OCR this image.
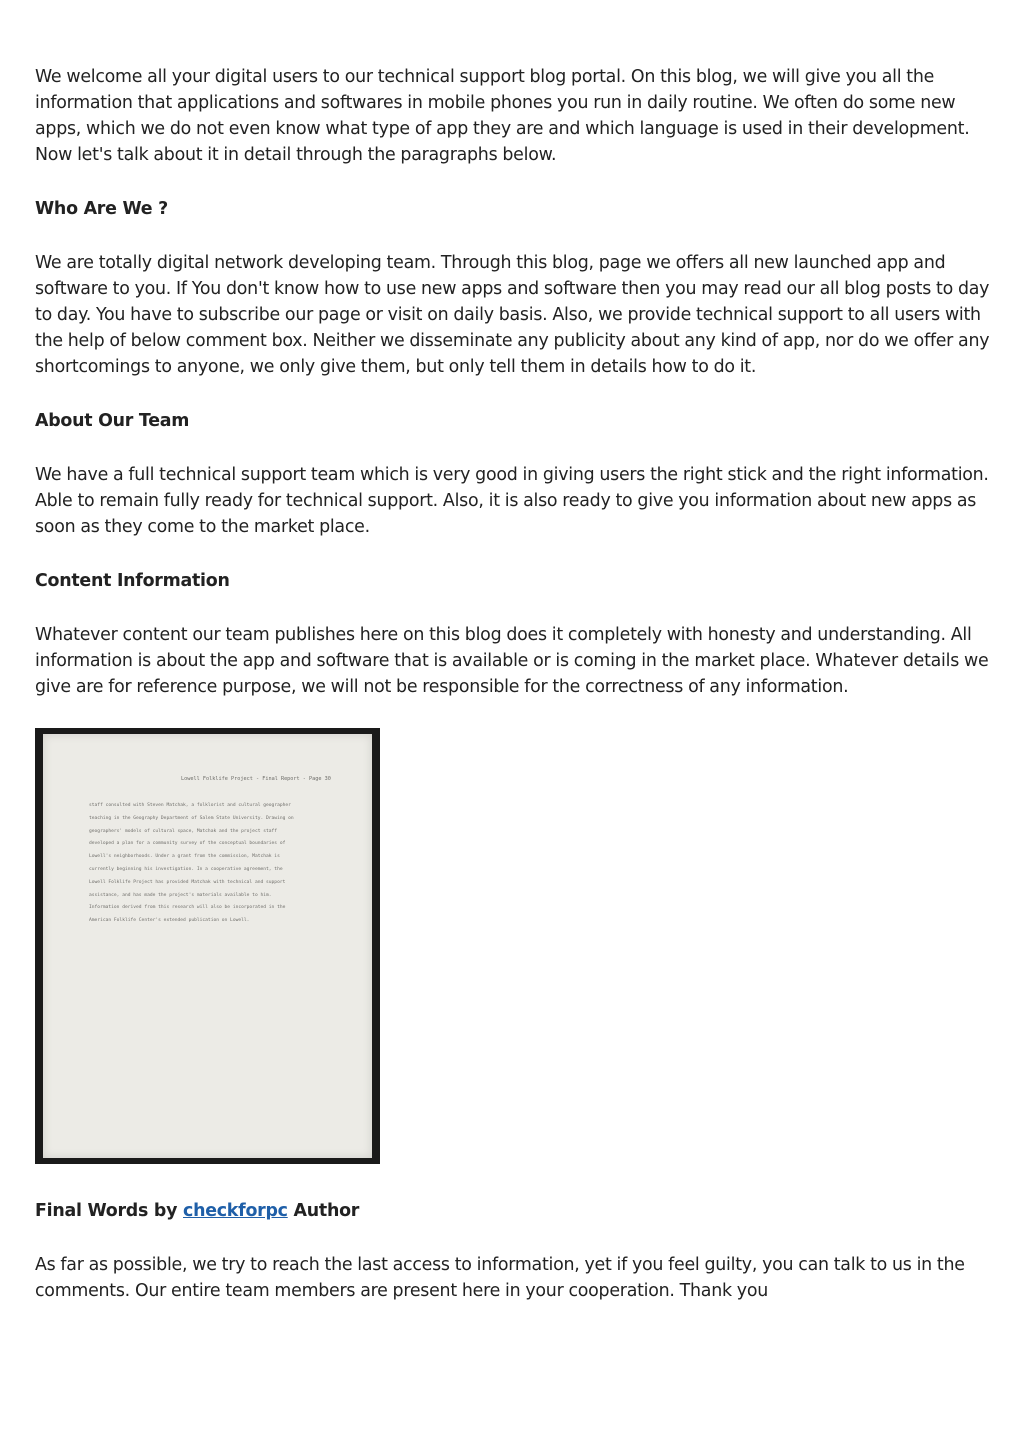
We welcome all your digital users to our technical support blog portal. On this blog, we will give you all the information that applications and softwares in mobile phones you run in daily routine. We often do some new apps, which we do not even know what type of app they are and which language is used in their development. Now let's talk about it in detail through the paragraphs below.

Who Are We ?

We are totally digital network developing team. Through this blog, page we offers all new launched app and software to you. If You don't know how to use new apps and software then you may read our all blog posts to day to day. You have to subscribe our page or visit on daily basis. Also, we provide technical support to all users with the help of below comment box. Neither we disseminate any publicity about any kind of app, nor do we offer any shortcomings to anyone, we only give them, but only tell them in details how to do it.

About Our Team

We have a full technical support team which is very good in giving users the right stick and the right information. Able to remain fully ready for technical support. Also, it is also ready to give you information about new apps as soon as they come to the market place.

Content Information

Whatever content our team publishes here on this blog does it completely with honesty and understanding. All information is about the app and software that is available or is coming in the market place. Whatever details we give are for reference purpose, we will not be responsible for the correctness of any information.

Lowell Folklife Project - Final Report - Page 30
staff consulted with Steven Matchak, a folklorist and cultural geographer
teaching in the Geography Department of Salem State University. Drawing on
geographers' models of cultural space, Matchak and the project staff
developed a plan for a community survey of the conceptual boundaries of
Lowell's neighborhoods. Under a grant from the commission, Matchak is
currently beginning his investigation. In a cooperative agreement, the
Lowell Folklife Project has provided Matchak with technical and support
assistance, and has made the project's materials available to him.
Information derived from this research will also be incorporated in the
American Folklife Center's extended publication on Lowell.
Final Words by checkforpc Author

As far as possible, we try to reach the last access to information, yet if you feel guilty, you can talk to us in the comments. Our entire team members are present here in your cooperation. Thank you
